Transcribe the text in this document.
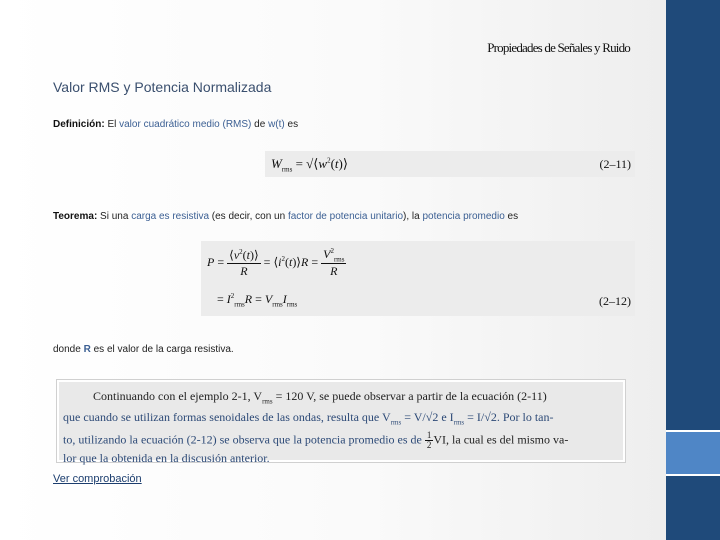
Propiedades de Señales y Ruido
Valor RMS y Potencia Normalizada
Definición: El valor cuadrático medio (RMS) de w(t) es
$W_{rms}$ = $√⟨w^2(t)⟩$	(2–11)
Teorema: Si una carga es resistiva (es decir, con un factor de potencia unitario), la potencia promedio es
$P = \frac{⟨v^2(t)⟩}{R}$ = $⟨i^2(t)⟩R = \frac{V^2_{rms}}{R}$
= $I^2_{rms}R = V_{rms}I_{rms}$	(2–12)
donde R es el valor de la carga resistiva.
Continuando con el ejemplo 2-1, $V_{rms} = 120$ V, se puede observar a partir de la ecuación (2-11)
que cuando se utilizan formas senoidales de las ondas, resulta que $V_{rms} = V/√2$ e $I_{rms} = I/√2$. Por lo tan-
to, utilizando la ecuación (2-12) se observa que la potencia promedio es de $\frac{1}{2}$ VI, la cual es del mismo va-
lor que la obtenida en la discusión anterior.
Ver comprobación
